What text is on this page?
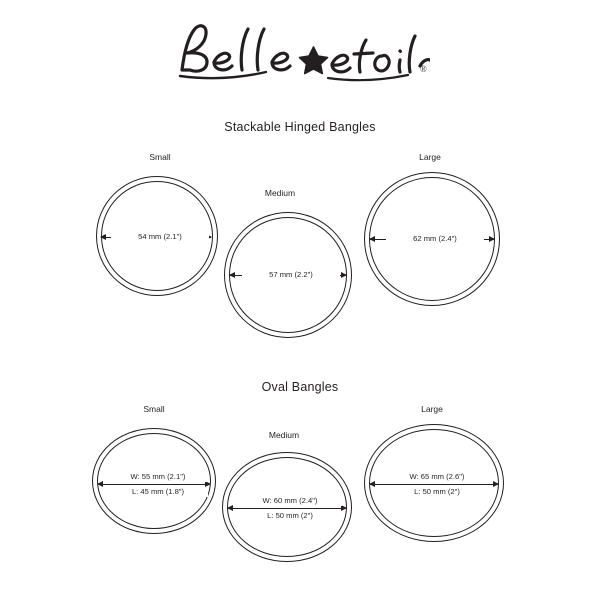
®
Stackable Hinged Bangles
Small
54 mm (2.1")
Medium
57 mm (2.2")
Large
62 mm (2.4")
Oval Bangles
Small
W: 55 mm (2.1")
L: 45 mm (1.8")
Medium
W: 60 mm (2.4")
L: 50 mm (2")
Large
W: 65 mm (2.6")
L: 50 mm (2")
